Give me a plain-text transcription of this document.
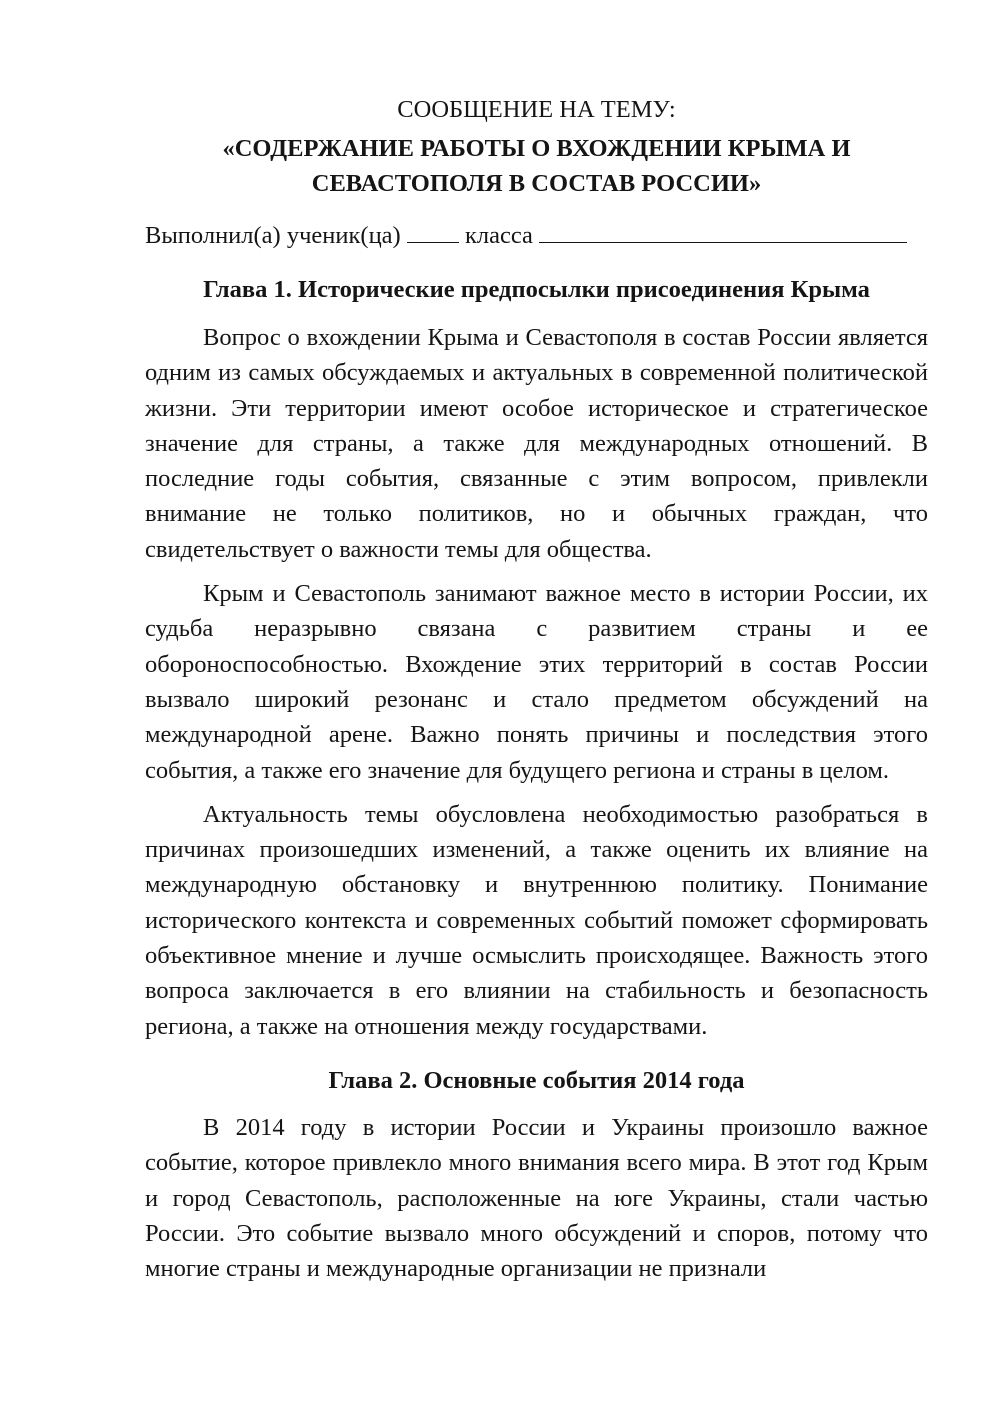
СООБЩЕНИЕ НА ТЕМУ:

«СОДЕРЖАНИЕ РАБОТЫ О ВХОЖДЕНИИ КРЫМА И

СЕВАСТОПОЛЯ В СОСТАВ РОССИИ»

Выполнил(а) ученик(ца)	класса

Глава 1. Исторические предпосылки присоединения Крыма

Вопрос о вхождении Крыма и Севастополя в состав России является одним из самых обсуждаемых и актуальных в современной политической жизни. Эти территории имеют особое историческое и стратегическое значение для страны, а также для международных отношений. В последние годы события, связанные с этим вопросом, привлекли внимание не только политиков, но и обычных граждан, что свидетельствует о важности темы для общества.

Крым и Севастополь занимают важное место в истории России, их судьба неразрывно связана с развитием страны и ее обороноспособностью. Вхождение этих территорий в состав России вызвало широкий резонанс и стало предметом обсуждений на международной арене. Важно понять причины и последствия этого события, а также его значение для будущего региона и страны в целом.

Актуальность темы обусловлена необходимостью разобраться в причинах произошедших изменений, а также оценить их влияние на международную обстановку и внутреннюю политику. Понимание исторического контекста и современных событий поможет сформировать объективное мнение и лучше осмыслить происходящее. Важность этого вопроса заключается в его влиянии на стабильность и безопасность региона, а также на отношения между государствами.

Глава 2. Основные события 2014 года

В 2014 году в истории России и Украины произошло важное событие, которое привлекло много внимания всего мира. В этот год Крым и город Севастополь, расположенные на юге Украины, стали частью России. Это событие вызвало много обсуждений и споров, потому что многие страны и международные организации не признали
